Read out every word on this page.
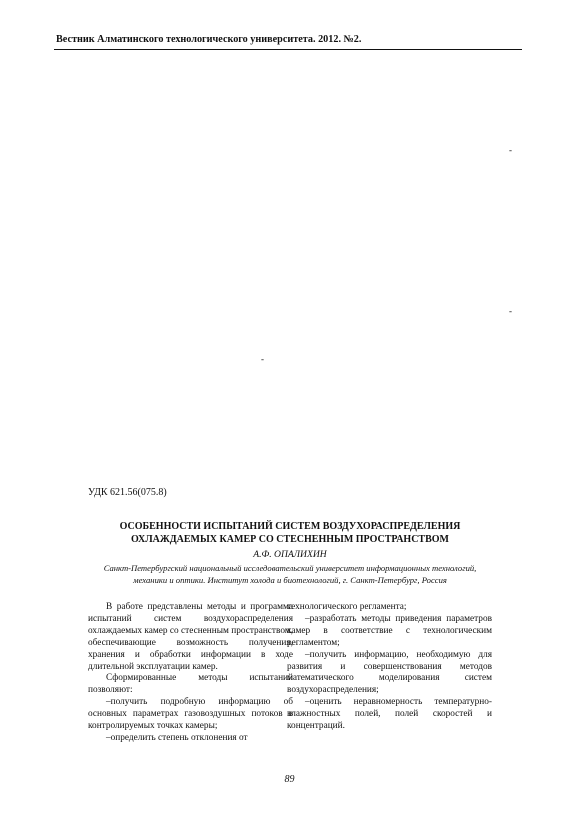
Вестник Алматинского технологического университета. 2012. №2.
-
-
-
УДК 621.56(075.8)
ОСОБЕННОСТИ ИСПЫТАНИЙ СИСТЕМ ВОЗДУХОРАСПРЕДЕЛЕНИЯ
ОХЛАЖДАЕМЫХ КАМЕР СО СТЕСНЕННЫМ ПРОСТРАНСТВОМ
А.Ф. ОПАЛИХИН
Санкт-Петербургский национальный исследовательский университет информационных технологий,
механики и оптики. Институт холода и биотехнологий, г. Санкт-Петербург, Россия

В работе представлены методы и программа испытаний систем воздухораспределения охлаждаемых камер со стесненным пространством, обеспечивающие возможность получения, хранения и обработки информации в ходе длительной эксплуатации камер.

Сформированные методы испытаний позволяют:

–получить подробную информацию об основных параметрах газовоздушных потоков в контролируемых точках камеры;

–определить степень отклонения от

технологического регламента;

–разработать методы приведения параметров камер в соответствие с технологическим регламентом;

–получить информацию, необходимую для развития и совершенствования методов математического моделирования систем воздухораспределения;

–оценить неравномерность температурно-влажностных полей, полей скоростей и концентраций.

89
